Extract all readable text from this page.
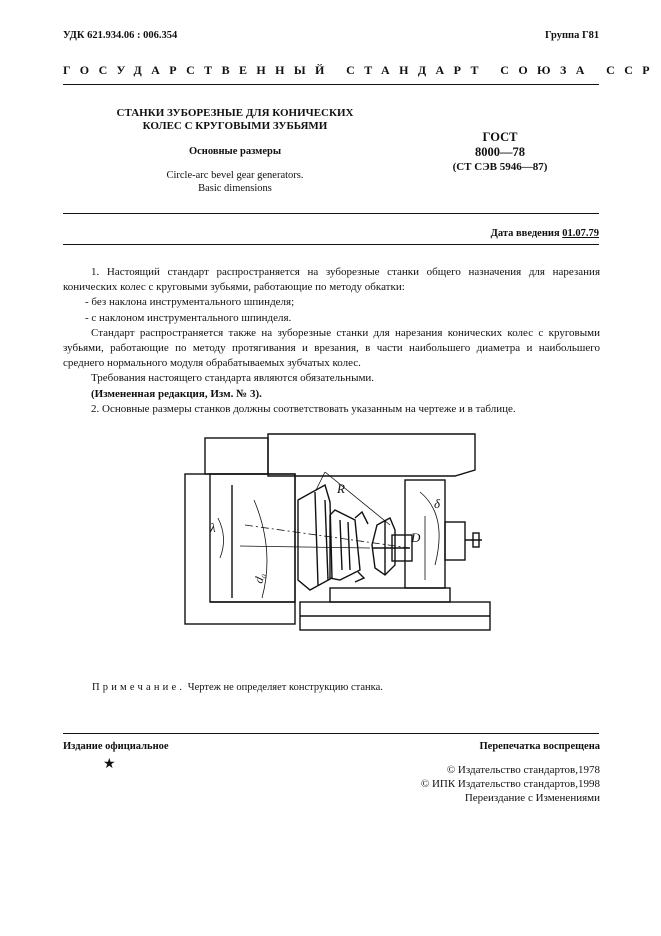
УДК 621.934.06 : 006.354	Группа Г81
ГОСУДАРСТВЕННЫЙ СТАНДАРТ СОЮЗА ССР
СТАНКИ ЗУБОРЕЗНЫЕ ДЛЯ КОНИЧЕСКИХ
КОЛЕС С КРУГОВЫМИ ЗУБЬЯМИ
Основные размеры
Circle-arc bevel gear generators.
Basic dimensions
ГОСТ
8000—78
(СТ СЭВ 5946—87)
Дата введения 01.07.79

1. Настоящий стандарт распространяется на зуборезные станки общего назначения для нарезания конических колес с круговыми зубьями, работающие по методу обкатки:

- без наклона инструментального шпинделя;

- с наклоном инструментального шпинделя.

Стандарт распространяется также на зуборезные станки для нарезания конических колес с круговыми зубьями, работающие по методу протягивания и врезания, в части наибольшего диаметра и наибольшего среднего нормального модуля обрабатываемых зубчатых колес.

Требования настоящего стандарта являются обязательными.

(Измененная редакция, Изм. № 3).

2. Основные размеры станков должны соответствовать указанным на чертеже и в таблице.

λ
d₀
R
δ
D
Примечание. Чертеж не определяет конструкцию станка.
Издание официальное
★
Перепечатка воспрещена
© Издательство стандартов,1978
© ИПК Издательство стандартов,1998
Переиздание с Изменениями
